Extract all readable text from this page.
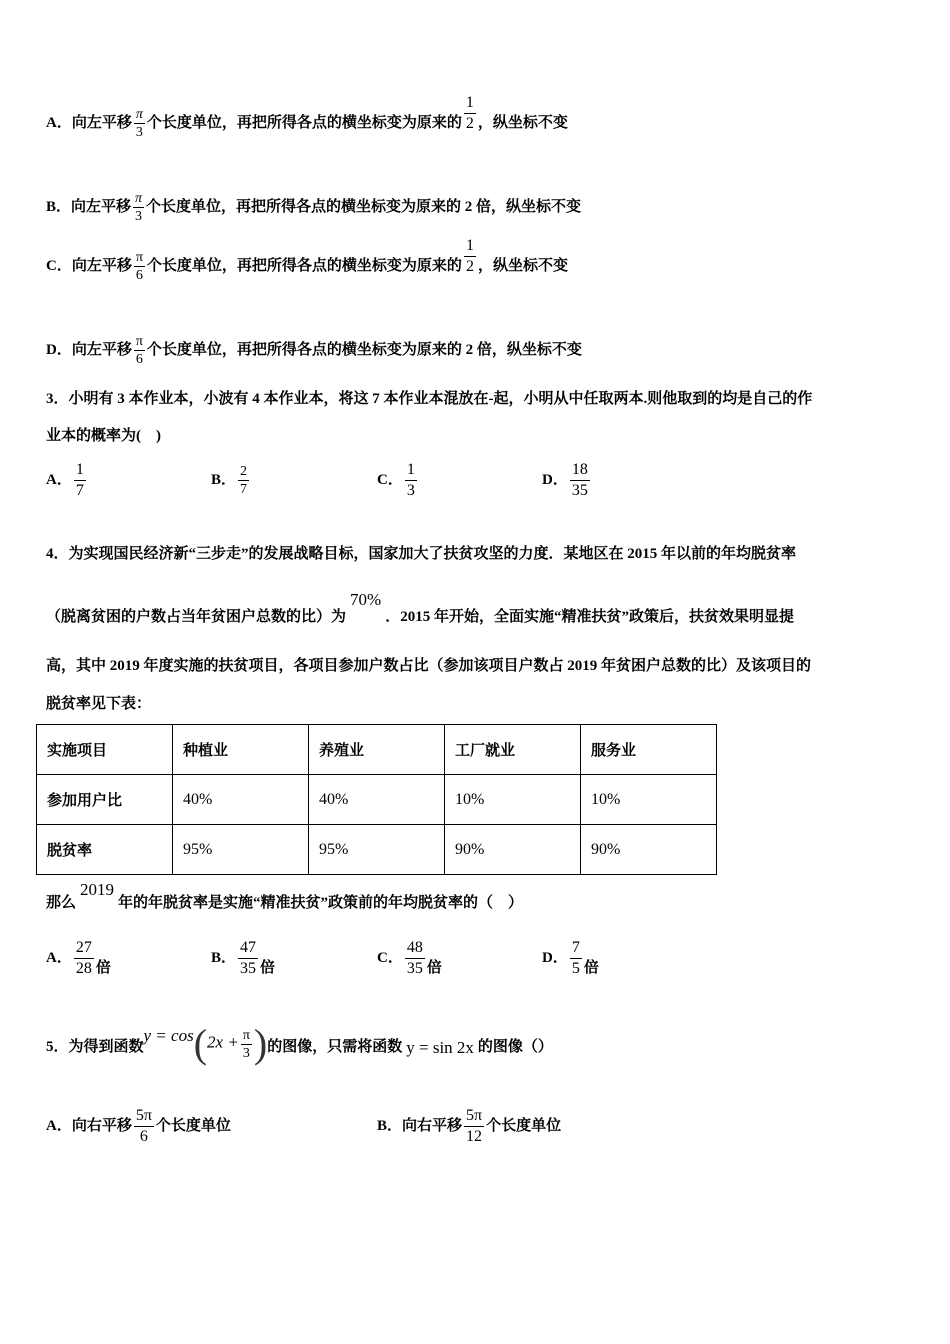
A．向左平移 $\frac{\pi}{3}$ 个长度单位，再把所得各点的横坐标变为原来的 $\frac{1}{2}$ ，纵坐标不变
B．向左平移 $\frac{\pi}{3}$ 个长度单位，再把所得各点的横坐标变为原来的 2 倍，纵坐标不变
C．向左平移 $\frac{\pi}{6}$ 个长度单位，再把所得各点的横坐标变为原来的 $\frac{1}{2}$ ，纵坐标不变
D．向左平移 $\frac{\pi}{6}$ 个长度单位，再把所得各点的横坐标变为原来的 2 倍，纵坐标不变
3．小明有 3 本作业本，小波有 4 本作业本，将这 7 本作业本混放在-起，小明从中任取两本.则他取到的均是自己的作
业本的概率为(　)
A． $\frac{1}{7}$	B． $\frac{2}{7}$	C． $\frac{1}{3}$	D． $\frac{18}{35}$
4．为实现国民经济新“三步走”的发展战略目标，国家加大了扶贫攻坚的力度．某地区在 2015 年以前的年均脱贫率
（脱离贫困的户数占当年贫困户总数的比）为70%．2015 年开始，全面实施“精准扶贫”政策后，扶贫效果明显提
高，其中 2019 年度实施的扶贫项目，各项目参加户数占比（参加该项目户数占 2019 年贫困户总数的比）及该项目的
脱贫率见下表：
实施项目	种植业	养殖业	工厂就业	服务业
参加用户比	40%	40%	10%	10%
脱贫率	95%	95%	90%	90%
那么2019年的年脱贫率是实施“精准扶贫”政策前的年均脱贫率的（　）
A． $\frac{27}{28}$ 倍
B． $\frac{47}{35}$ 倍
C． $\frac{48}{35}$ 倍
D． $\frac{7}{5}$ 倍
5．为得到函数$y = \cos(2x + \frac{\pi}{3}$ )的图像，只需将函数 y = sin 2x 的图像（）
A．向右平移 $\frac{5\pi}{6}$ 个长度单位	B．向右平移 $\frac{5\pi}{12}$ 个长度单位
